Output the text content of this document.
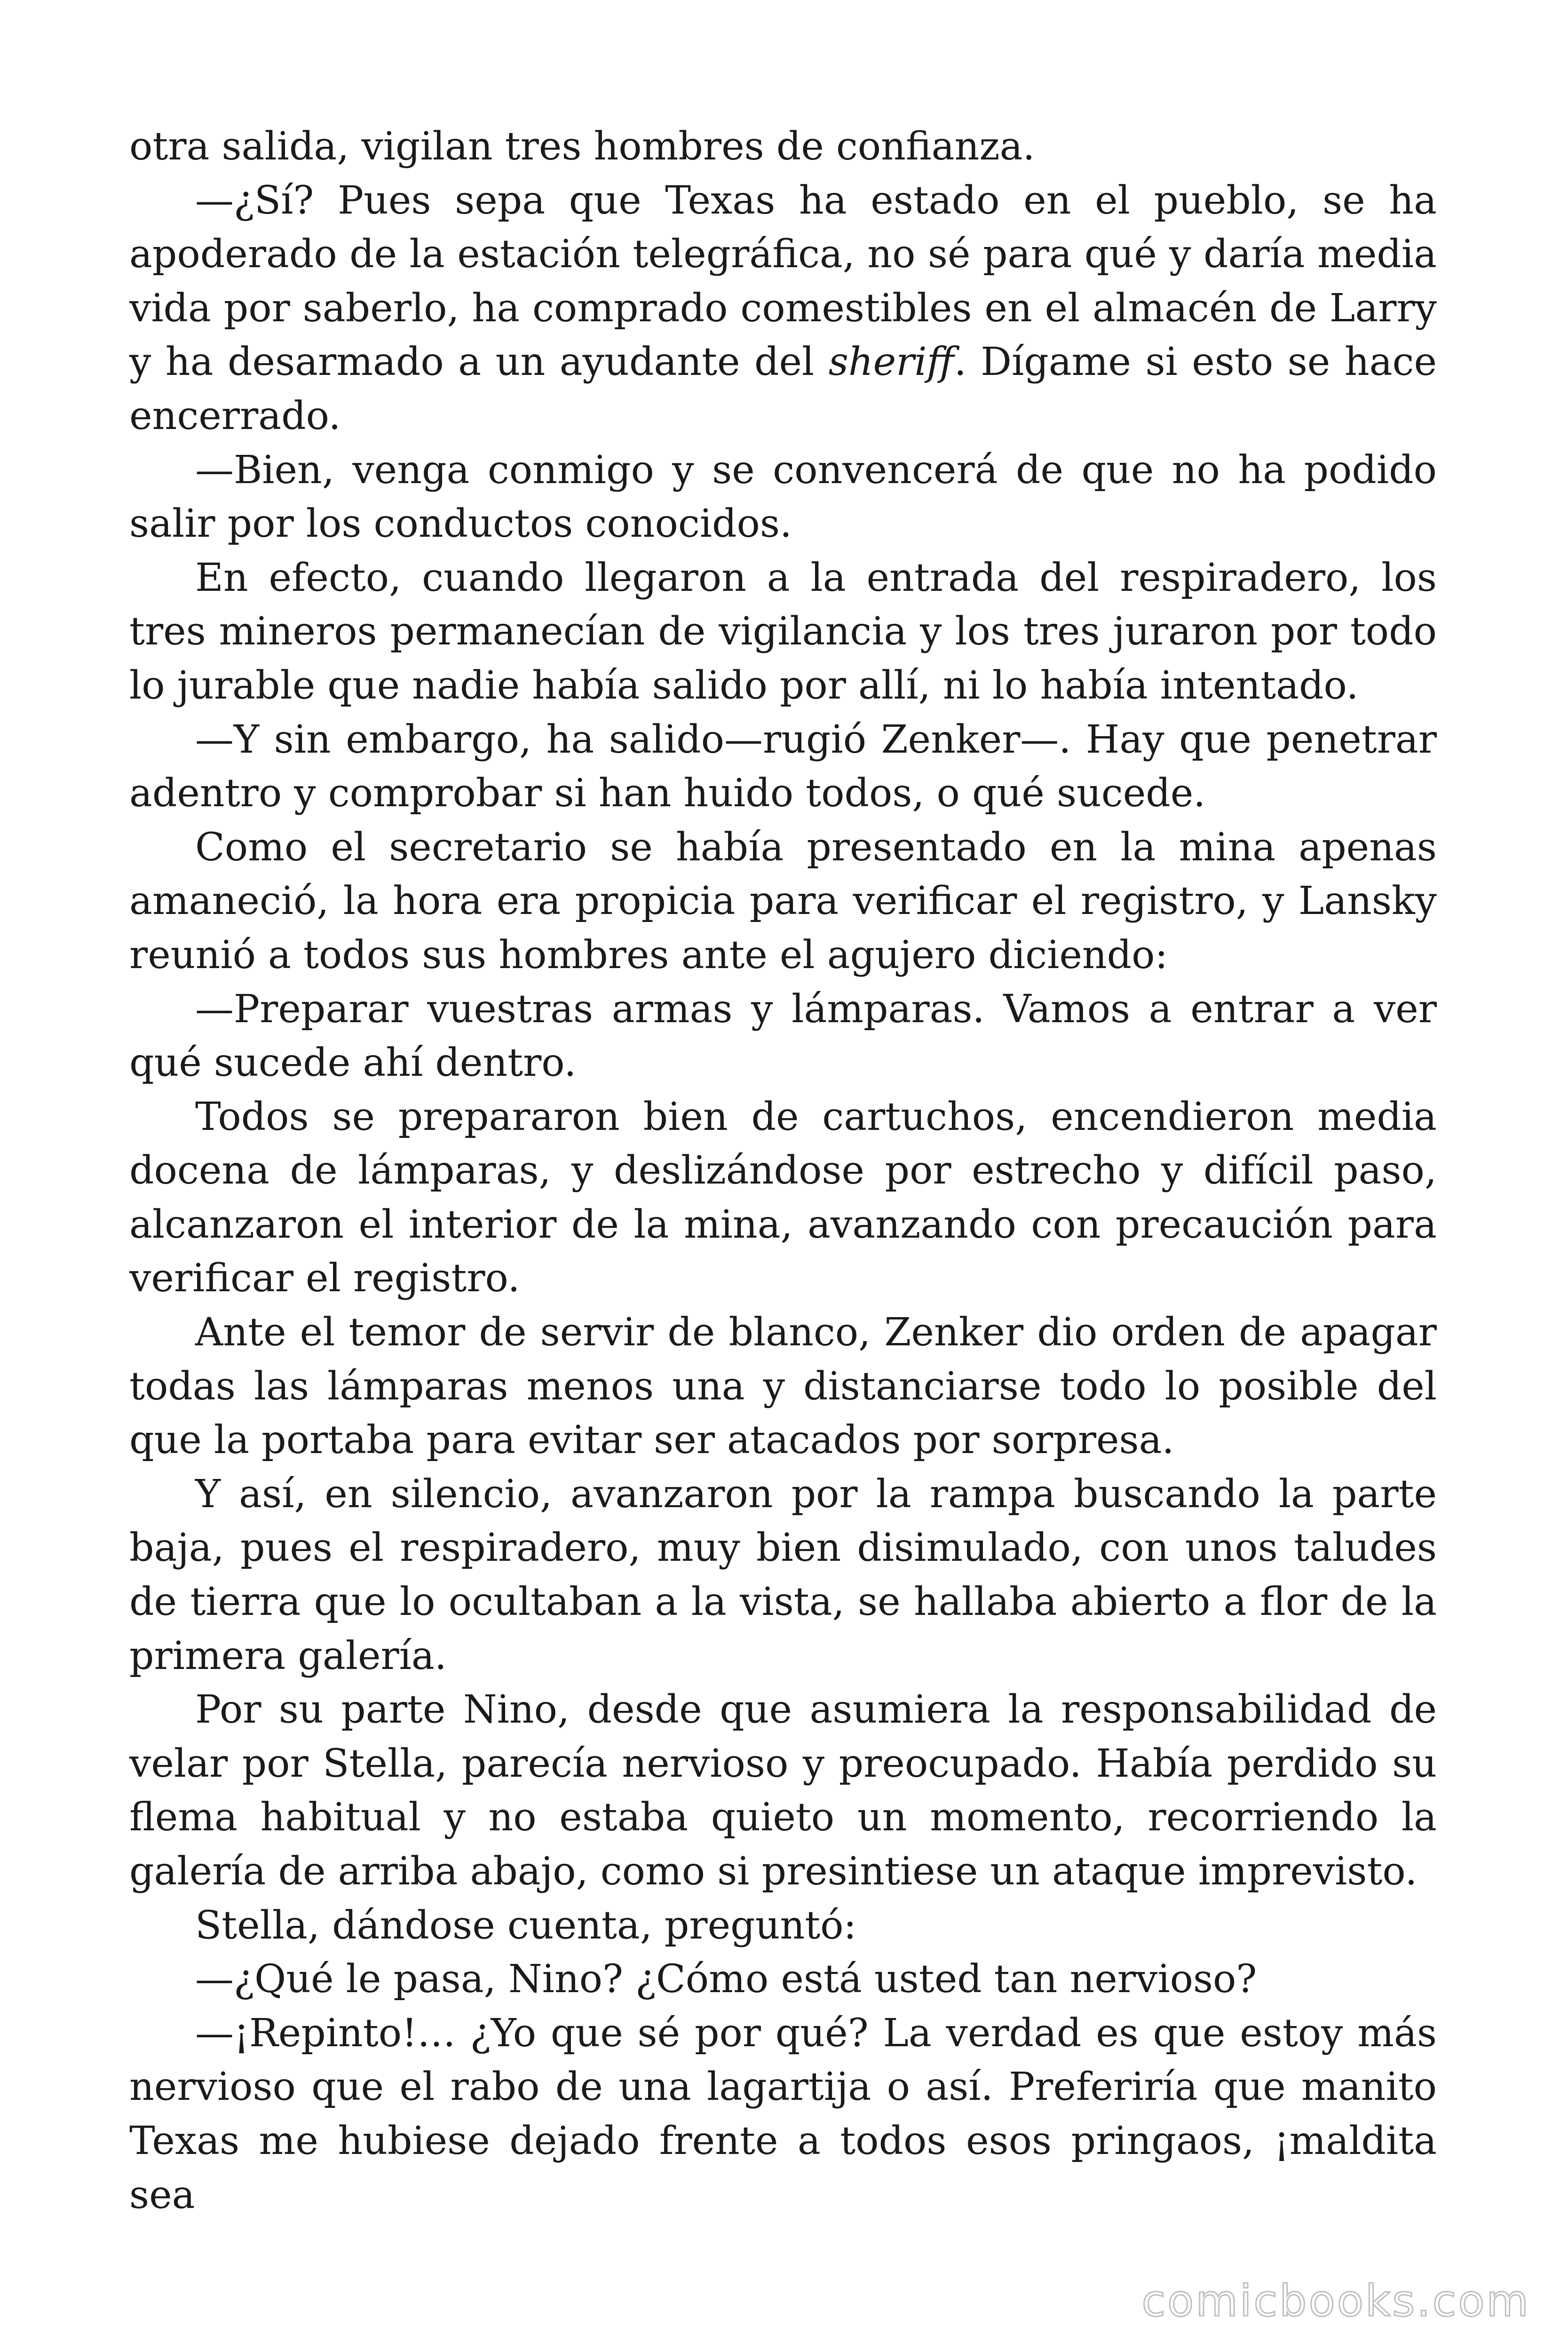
otra salida, vigilan tres hombres de confianza.

—¿Sí? Pues sepa que Texas ha estado en el pueblo, se ha apoderado de la estación telegráfica, no sé para qué y daría media vida por saberlo, ha comprado comestibles en el almacén de Larry y ha desarmado a un ayudante del sheriff. Dígame si esto se hace encerrado.

—Bien, venga conmigo y se convencerá de que no ha podido salir por los conductos conocidos.

En efecto, cuando llegaron a la entrada del respiradero, los tres mineros permanecían de vigilancia y los tres juraron por todo lo jurable que nadie había salido por allí, ni lo había intentado.

—Y sin embargo, ha salido—rugió Zenker—. Hay que penetrar adentro y comprobar si han huido todos, o qué sucede.

Como el secretario se había presentado en la mina apenas amaneció, la hora era propicia para verificar el registro, y Lansky reunió a todos sus hombres ante el agujero diciendo:

—Preparar vuestras armas y lámparas. Vamos a entrar a ver qué sucede ahí dentro.

Todos se prepararon bien de cartuchos, encendieron media docena de lámparas, y deslizándose por estrecho y difícil paso, alcanzaron el interior de la mina, avanzando con precaución para verificar el registro.

Ante el temor de servir de blanco, Zenker dio orden de apagar todas las lámparas menos una y distanciarse todo lo posible del que la portaba para evitar ser atacados por sorpresa.

Y así, en silencio, avanzaron por la rampa buscando la parte baja, pues el respiradero, muy bien disimulado, con unos taludes de tierra que lo ocultaban a la vista, se hallaba abierto a flor de la primera galería.

Por su parte Nino, desde que asumiera la responsabilidad de velar por Stella, parecía nervioso y preocupado. Había perdido su flema habitual y no estaba quieto un momento, recorriendo la galería de arriba abajo, como si presintiese un ataque imprevisto.

Stella, dándose cuenta, preguntó:

—¿Qué le pasa, Nino? ¿Cómo está usted tan nervioso?

—¡Repinto!… ¿Yo que sé por qué? La verdad es que estoy más nervioso que el rabo de una lagartija o así. Preferiría que manito Texas me hubiese dejado frente a todos esos pringaos, ¡maldita sea

comicbooks.com
